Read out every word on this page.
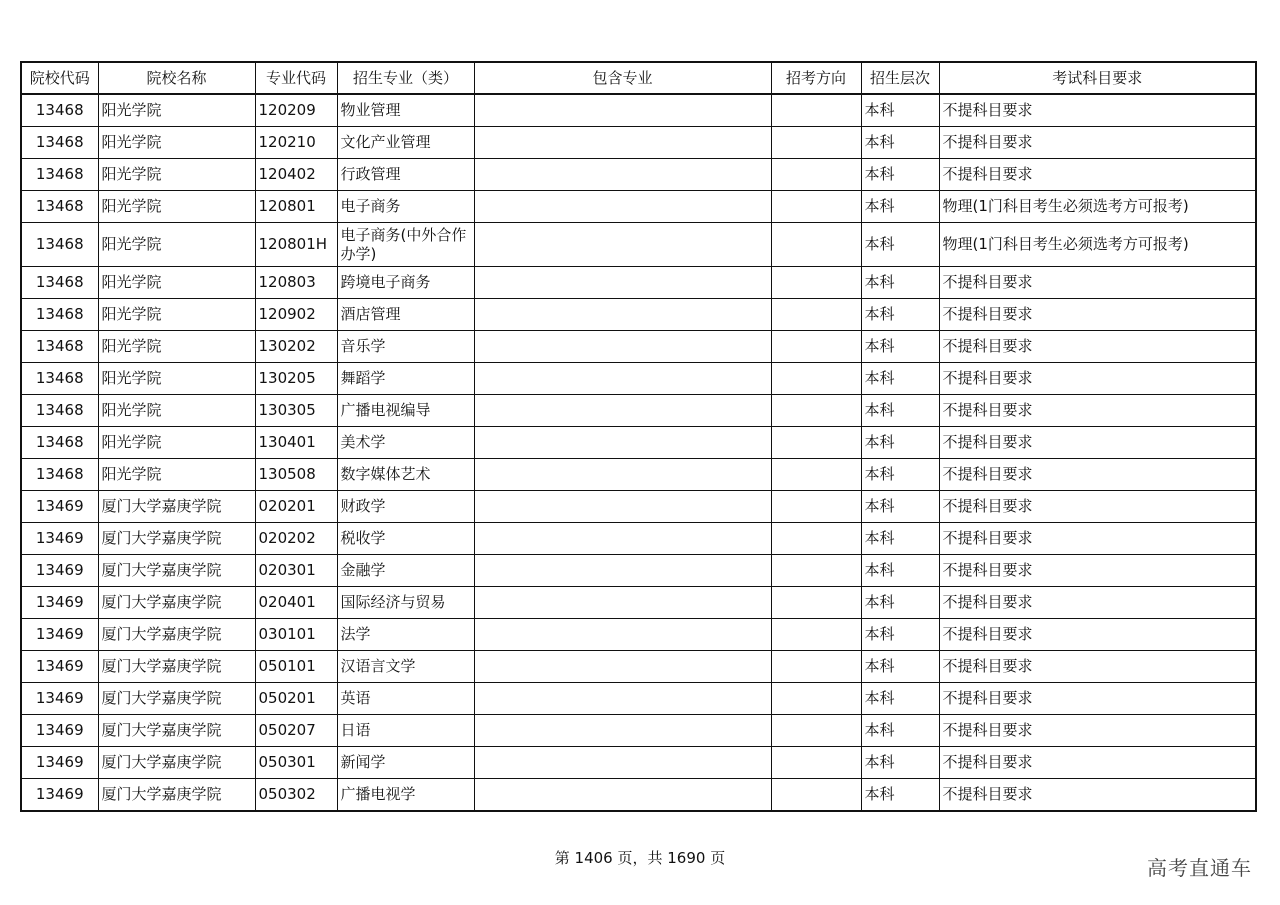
院校代码	院校名称	专业代码	招生专业（类）	包含专业	招考方向	招生层次	考试科目要求
13468	阳光学院	120209	物业管理			本科	不提科目要求
13468	阳光学院	120210	文化产业管理			本科	不提科目要求
13468	阳光学院	120402	行政管理			本科	不提科目要求
13468	阳光学院	120801	电子商务			本科	物理(1门科目考生必须选考方可报考)
13468	阳光学院	120801H	电子商务(中外合作办学)			本科	物理(1门科目考生必须选考方可报考)
13468	阳光学院	120803	跨境电子商务			本科	不提科目要求
13468	阳光学院	120902	酒店管理			本科	不提科目要求
13468	阳光学院	130202	音乐学			本科	不提科目要求
13468	阳光学院	130205	舞蹈学			本科	不提科目要求
13468	阳光学院	130305	广播电视编导			本科	不提科目要求
13468	阳光学院	130401	美术学			本科	不提科目要求
13468	阳光学院	130508	数字媒体艺术			本科	不提科目要求
13469	厦门大学嘉庚学院	020201	财政学			本科	不提科目要求
13469	厦门大学嘉庚学院	020202	税收学			本科	不提科目要求
13469	厦门大学嘉庚学院	020301	金融学			本科	不提科目要求
13469	厦门大学嘉庚学院	020401	国际经济与贸易			本科	不提科目要求
13469	厦门大学嘉庚学院	030101	法学			本科	不提科目要求
13469	厦门大学嘉庚学院	050101	汉语言文学			本科	不提科目要求
13469	厦门大学嘉庚学院	050201	英语			本科	不提科目要求
13469	厦门大学嘉庚学院	050207	日语			本科	不提科目要求
13469	厦门大学嘉庚学院	050301	新闻学			本科	不提科目要求
13469	厦门大学嘉庚学院	050302	广播电视学			本科	不提科目要求
第 1406 页，共 1690 页	高考直通车
